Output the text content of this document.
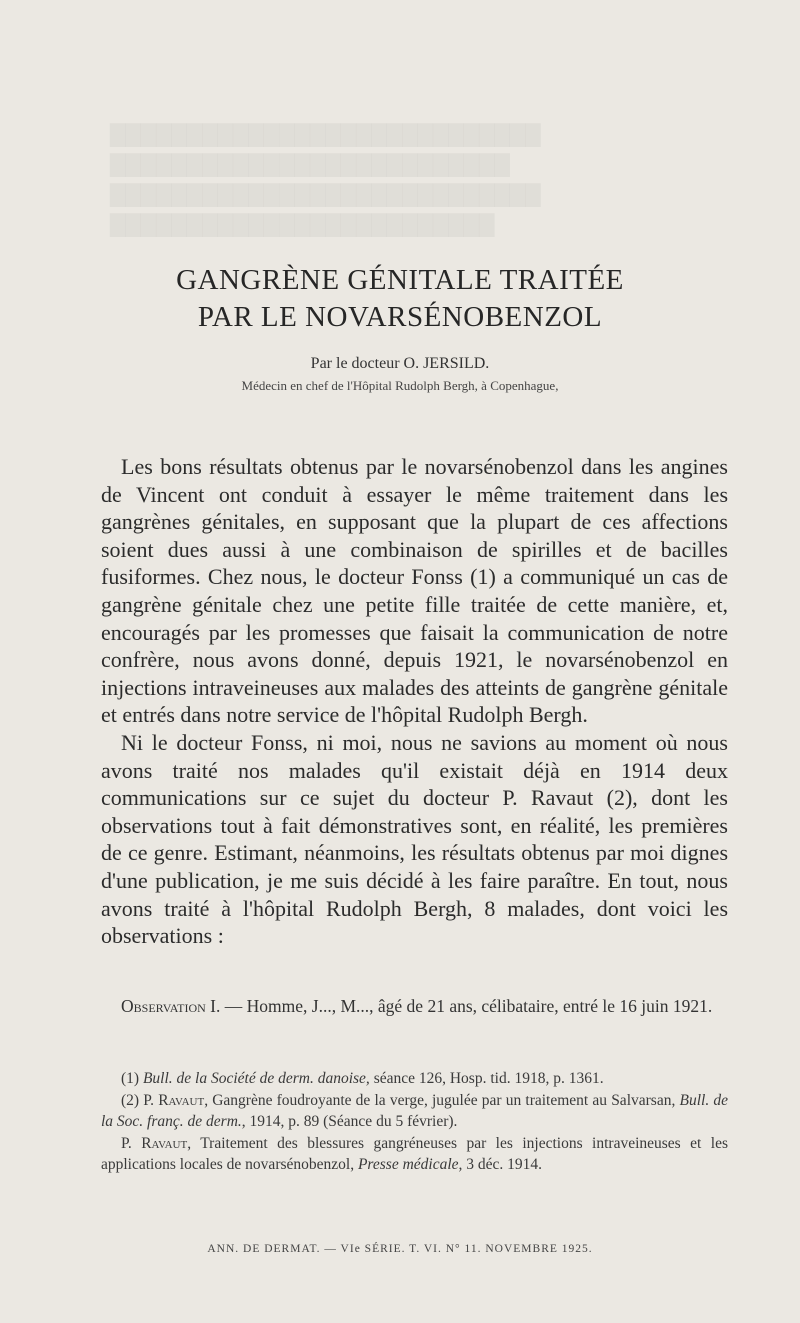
GANGRÈNE GÉNITALE TRAITÉE
PAR LE NOVARSÉNOBENZOL
Par le docteur O. JERSILD.
Médecin en chef de l'Hôpital Rudolph Bergh, à Copenhague,

Les bons résultats obtenus par le novarsénobenzol dans les angines de Vincent ont conduit à essayer le même traitement dans les gangrènes génitales, en supposant que la plupart de ces affections soient dues aussi à une combinaison de spirilles et de bacilles fusiformes. Chez nous, le docteur Fonss (1) a communiqué un cas de gangrène génitale chez une petite fille traitée de cette manière, et, encouragés par les promesses que faisait la communication de notre confrère, nous avons donné, depuis 1921, le novarsénobenzol en injections intraveineuses aux malades des atteints de gangrène génitale et entrés dans notre service de l'hôpital Rudolph Bergh.

Ni le docteur Fonss, ni moi, nous ne savions au moment où nous avons traité nos malades qu'il existait déjà en 1914 deux communications sur ce sujet du docteur P. Ravaut (2), dont les observations tout à fait démonstratives sont, en réalité, les premières de ce genre. Estimant, néanmoins, les résultats obtenus par moi dignes d'une publication, je me suis décidé à les faire paraître. En tout, nous avons traité à l'hôpital Rudolph Bergh, 8 malades, dont voici les observations :

Observation I. — Homme, J..., M..., âgé de 21 ans, célibataire, entré le 16 juin 1921.

(1) Bull. de la Société de derm. danoise, séance 126, Hosp. tid. 1918, p. 1361.

(2) P. Ravaut, Gangrène foudroyante de la verge, jugulée par un traitement au Salvarsan, Bull. de la Soc. franç. de derm., 1914, p. 89 (Séance du 5 février).

P. Ravaut, Traitement des blessures gangréneuses par les injections intraveineuses et les applications locales de novarsénobenzol, Presse médicale, 3 déc. 1914.

ANN. DE DERMAT. — VIe SÉRIE. T. VI. N° 11. NOVEMBRE 1925.
